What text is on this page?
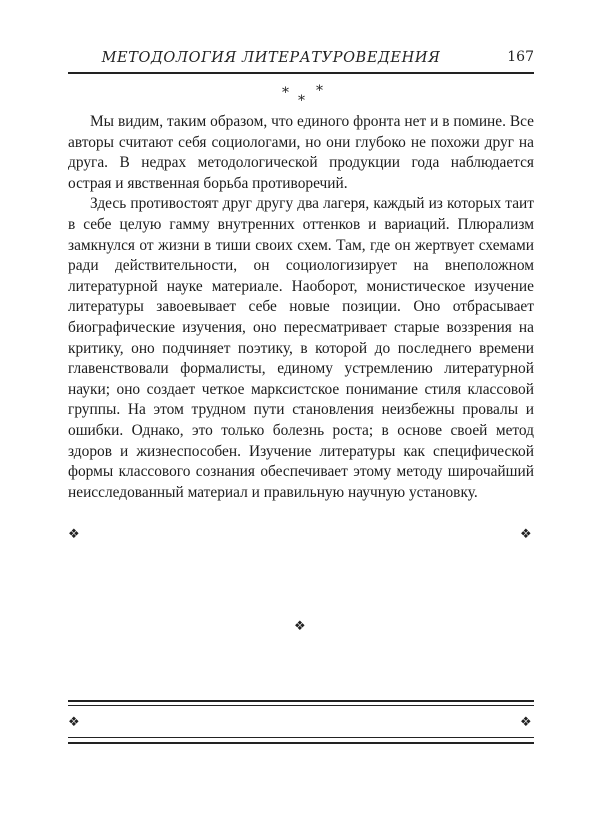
МЕТОДОЛОГИЯ ЛИТЕРАТУРОВЕДЕНИЯ	167
* *
*

Мы видим, таким образом, что единого фронта нет и в помине. Все авторы считают себя социологами, но они глубоко не похожи друг на друга. В недрах методологической продукции года наблюдается острая и явственная борьба противоречий.

Здесь противостоят друг другу два лагеря, каждый из которых таит в себе целую гамму внутренних оттенков и вариаций. Плюрализм замкнулся от жизни в тиши своих схем. Там, где он жертвует схемами ради действительности, он социологизирует на внеположном литературной науке материале. Наоборот, монистическое изучение литературы завоевывает себе новые позиции. Оно отбрасывает биографические изучения, оно пересматривает старые воззрения на критику, оно подчиняет поэтику, в которой до последнего времени главенствовали формалисты, единому устремлению литературной науки; оно создает четкое марксистское понимание стиля классовой группы. На этом трудном пути становления неизбежны провалы и ошибки. Однако, это только болезнь роста; в основе своей метод здоров и жизнеспособен. Изучение литературы как специфической формы классового сознания обеспечивает этому методу широчайший неисследованный материал и правильную научную установку.

❖	❖
❖
❖	❖
